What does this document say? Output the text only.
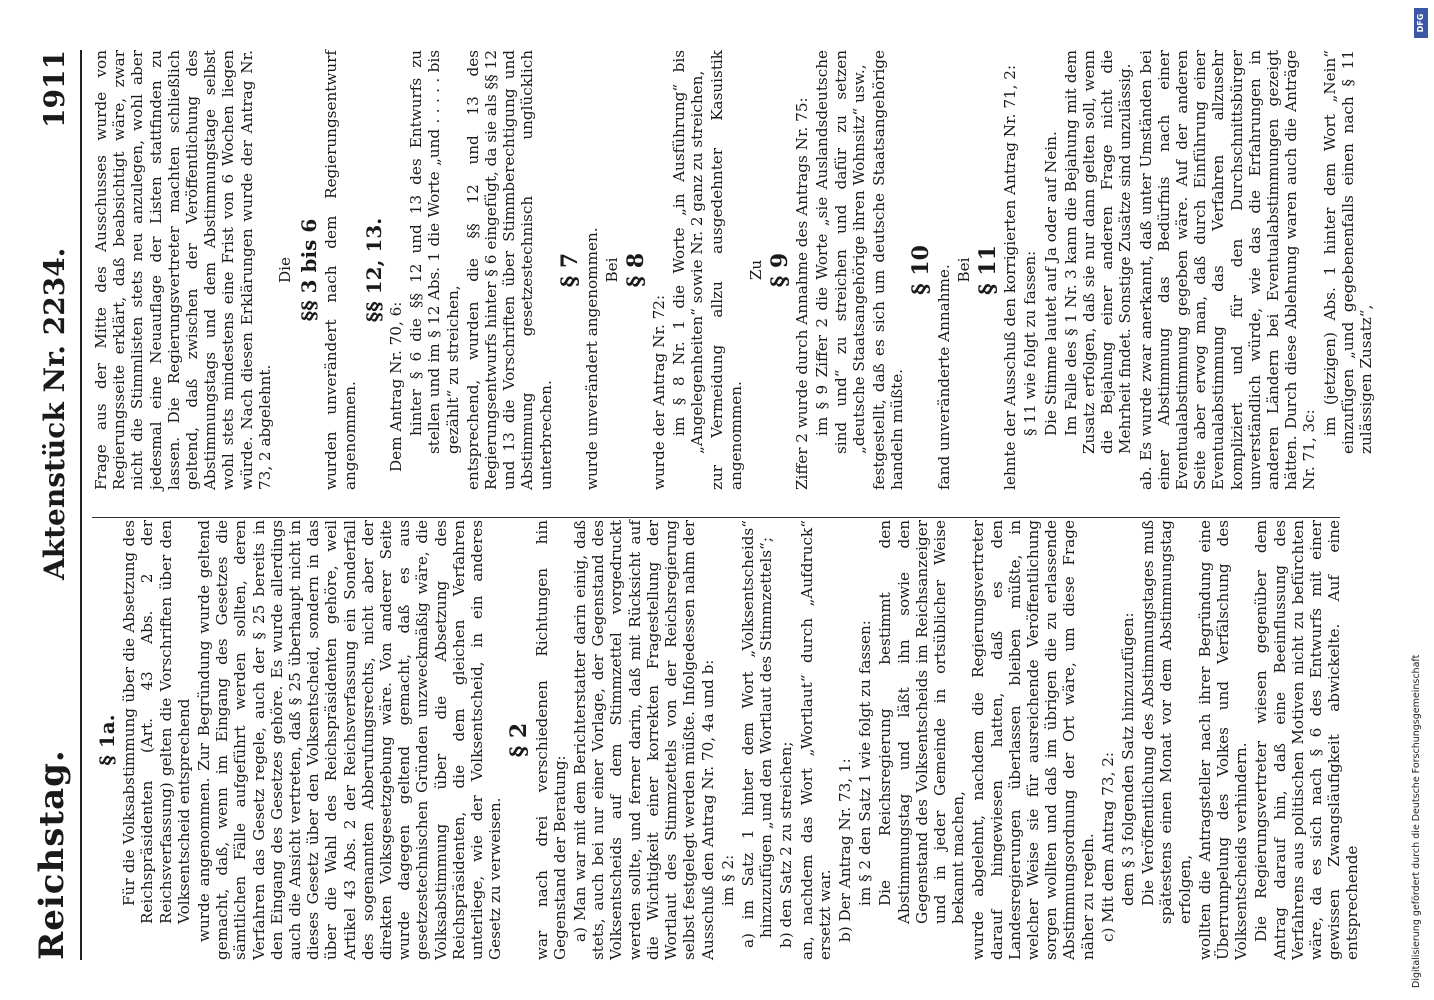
Reichstag.
Aktenstück Nr. 2234.
1911
§ 1a. Für die Volksabstimmung über die Absetzung des Reichspräsidenten (Art. 43 Abs. 2 der Reichsverfassung) gelten die Vorschriften über den Volksentscheid entsprechend wurde angenommen. Zur Begründung wurde geltend gemacht, daß, wenn im Eingang des Gesetzes die sämtlichen Fälle aufgeführt werden sollten, deren Verfahren das Gesetz regele, auch der § 25 bereits in den Eingang des Gesetzes gehöre. Es wurde allerdings auch die Ansicht vertreten, daß § 25 überhaupt nicht in dieses Gesetz über den Volksentscheid, sondern in das über die Wahl des Reichspräsidenten gehöre, weil Artikel 43 Abs. 2 der Reichsverfassung ein Sonderfall des sogenannten Abberufungsrechts, nicht aber der direkten Volksgesetzgebung wäre. Von anderer Seite wurde dagegen geltend gemacht, daß es aus gesetzestechnischen Gründen unzweckmäßig wäre, die Volksabstimmung über die Absetzung des Reichspräsidenten, die dem gleichen Verfahren unterliege, wie der Volksentscheid, in ein anderes Gesetz zu verweisen.

§ 2 war nach drei verschiedenen Richtungen hin Gegenstand der Beratung: a) Man war mit dem Berichterstatter darin einig, daß stets, auch bei nur einer Vorlage, der Gegenstand des Volksentscheids auf dem Stimmzettel vorgedruckt werden sollte, und ferner darin, daß mit Rücksicht auf die Wichtigkeit einer korrekten Fragestellung der Wortlaut des Stimmzettels von der Reichsregierung selbst festgelegt werden müßte. Infolgedessen nahm der Ausschuß den Antrag Nr. 70, 4a und b: im § 2: a) im Satz 1 hinter dem Wort „Volksentscheids“ hinzuzufügen „und den Wortlaut des Stimmzettels“; b) den Satz 2 zu streichen; an, nachdem das Wort „Wortlaut“ durch „Aufdruck“ ersetzt war. b) Der Antrag Nr. 73, 1: im § 2 den Satz 1 wie folgt zu fassen: Die Reichsregierung bestimmt den Abstimmungstag und läßt ihn sowie den Gegenstand des Volksentscheids im Reichsanzeiger und in jeder Gemeinde in ortsüblicher Weise bekannt machen, wurde abgelehnt, nachdem die Regierungsvertreter darauf hingewiesen hatten, daß es den Landesregierungen überlassen bleiben müßte, in welcher Weise sie für ausreichende Veröffentlichung sorgen wollten und daß im übrigen die zu erlassende Abstimmungsordnung der Ort wäre, um diese Frage näher zu regeln. c) Mit dem Antrag 73, 2: dem § 3 folgenden Satz hinzuzufügen: Die Veröffentlichung des Abstimmungstages muß spätestens einen Monat vor dem Abstimmungstag erfolgen, wollten die Antragsteller nach ihrer Begründung eine Überrumpelung des Volkes und Verfälschung des Volksentscheids verhindern. Die Regierungsvertreter wiesen gegenüber dem Antrag darauf hin, daß eine Beeinflussung des Verfahrens aus politischen Motiven nicht zu befürchten wäre, da es sich nach § 6 des Entwurfs mit einer gewissen Zwangsläufigkeit abwickelte. Auf eine entsprechende

Frage aus der Mitte des Ausschusses wurde von Regierungsseite erklärt, daß beabsichtigt wäre, zwar nicht die Stimmlisten stets neu anzulegen, wohl aber jedesmal eine Neuauflage der Listen stattfinden zu lassen. Die Regierungsvertreter machten schließlich geltend, daß zwischen der Veröffentlichung des Abstimmungstags und dem Abstimmungstage selbst wohl stets mindestens eine Frist von 6 Wochen liegen würde. Nach diesen Erklärungen wurde der Antrag Nr. 73, 2 abgelehnt.

Die §§ 3 bis 6 wurden unverändert nach dem Regierungsentwurf angenommen.

§§ 12, 13.

Dem Antrag Nr. 70, 6: hinter § 6 die §§ 12 und 13 des Entwurfs zu stellen und im § 12 Abs. 1 die Worte „und . . . . . bis gezählt“ zu streichen, entsprechend, wurden die §§ 12 und 13 des Regierungsentwurfs hinter § 6 eingefügt, da sie als §§ 12 und 13 die Vorschriften über Stimmberechtigung und Abstimmung gesetzestechnisch unglücklich unterbrechen.

§ 7 wurde unverändert angenommen. Bei § 8

wurde der Antrag Nr. 72: im § 8 Nr. 1 die Worte „in Ausführung“ bis „Angelegenheiten“ sowie Nr. 2 ganz zu streichen, zur Vermeidung allzu ausgedehnter Kasuistik angenommen.

Zu § 9 Ziffer 2 wurde durch Annahme des Antrags Nr. 75: im § 9 Ziffer 2 die Worte „sie Auslandsdeutsche sind und“ zu streichen und dafür zu setzen „deutsche Staatsangehörige ihren Wohnsitz“ usw., festgestellt, daß es sich um deutsche Staatsangehörige handeln müßte.

§ 10 fand unveränderte Annahme. Bei § 11 lehnte der Ausschuß den korrigierten Antrag Nr. 71, 2: § 11 wie folgt zu fassen: Die Stimme lautet auf Ja oder auf Nein. Im Falle des § 1 Nr. 3 kann die Bejahung mit dem Zusatz erfolgen, daß sie nur dann gelten soll, wenn die Bejahung einer anderen Frage nicht die Mehrheit findet. Sonstige Zusätze sind unzulässig. ab. Es wurde zwar anerkannt, daß unter Umständen bei einer Abstimmung das Bedürfnis nach einer Eventualabstimmung gegeben wäre. Auf der anderen Seite aber erwog man, daß durch Einführung einer Eventualabstimmung das Verfahren allzusehr kompliziert und für den Durchschnittsbürger unverständlich würde, wie das die Erfahrungen in anderen Ländern bei Eventualabstimmungen gezeigt hätten. Durch diese Ablehnung waren auch die Anträge Nr. 71, 3c:

im (jetzigen) Abs. 1 hinter dem Wort „Nein“ einzufügen „und gegebenenfalls einen nach § 11 zulässigen Zusatz“,

Digitalisierung gefördert durch die Deutsche Forschungsgemeinschaft
DFG
